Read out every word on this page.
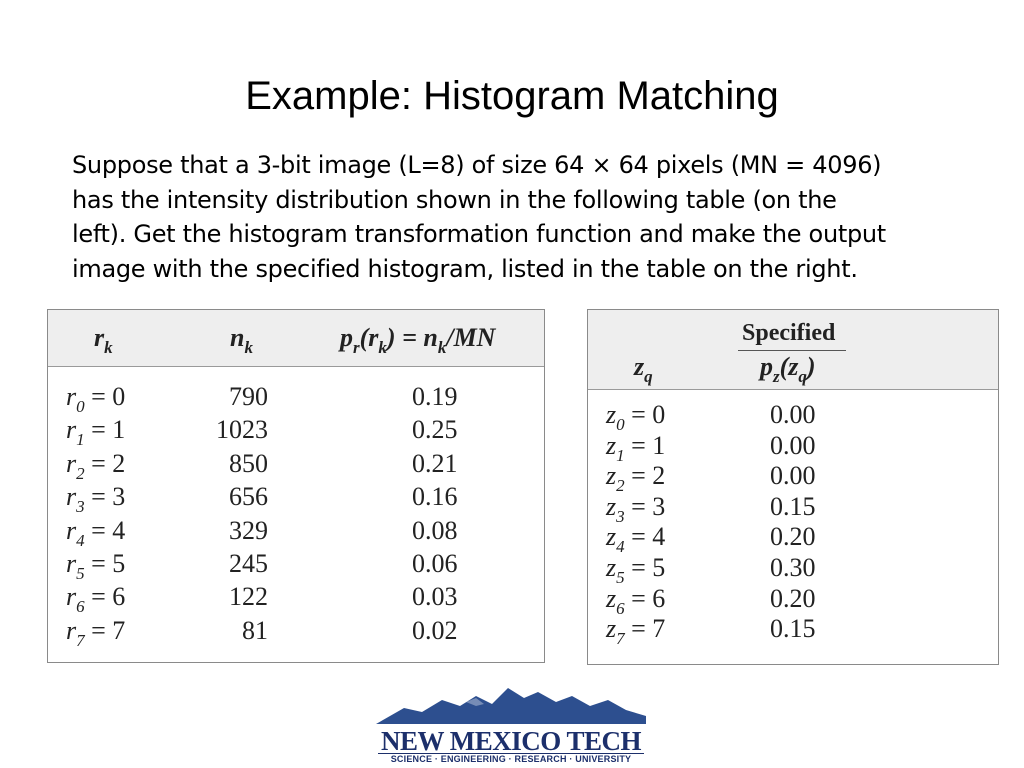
Example: Histogram Matching
Suppose that a 3-bit image (L=8) of size 64 × 64 pixels (MN = 4096)
has the intensity distribution shown in the following table (on the
left). Get the histogram transformation function and make the output
image with the specified histogram, listed in the table on the right.
$r_k$	$n_k$	$p_r(r_k) = n_k/MN$
$r_0 = 0$	790	0.19
$r_1 = 1$	1023	0.25
$r_2 = 2$	850	0.21
$r_3 = 3$	656	0.16
$r_4 = 4$	329	0.08
$r_5 = 5$	245	0.06
$r_6 = 6$	122	0.03
$r_7 = 7$	81	0.02
Specified
$z_q$	$p_z(z_q)$
$z_0 = 0$	0.00
$z_1 = 1$	0.00
$z_2 = 2$	0.00
$z_3 = 3$	0.15
$z_4 = 4$	0.20
$z_5 = 5$	0.30
$z_6 = 6$	0.20
$z_7 = 7$	0.15
NEW MEXICO TECH
SCIENCE · ENGINEERING · RESEARCH · UNIVERSITY
